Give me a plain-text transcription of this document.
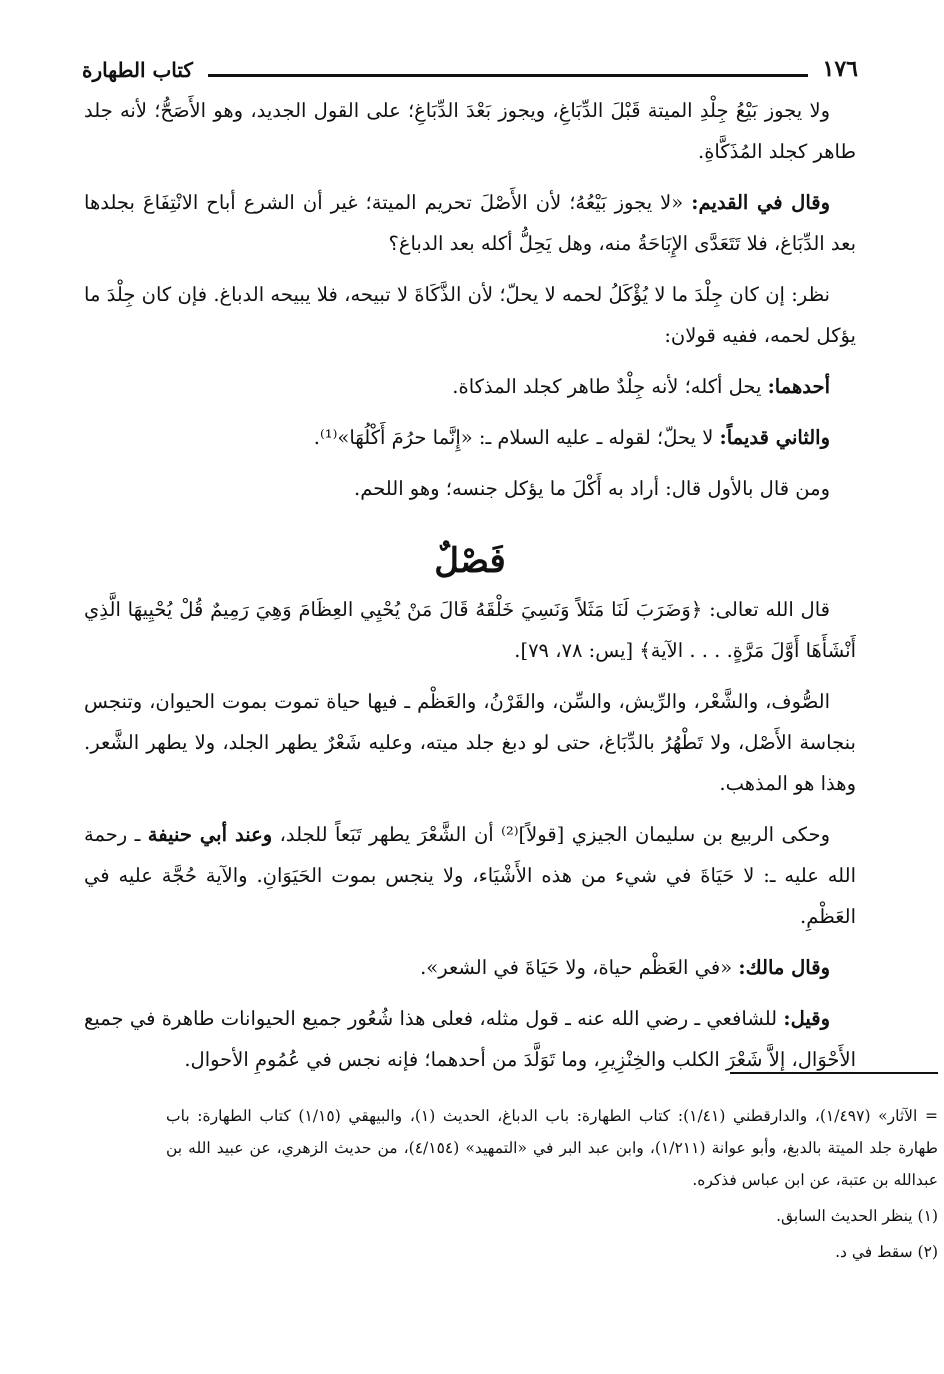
١٧٦
كتاب الطهارة

ولا يجوز بَيْعُ جِلْدِ الميتة قَبْلَ الدِّبَاغِ، ويجوز بَعْدَ الدِّبَاغِ؛ على القول الجديد، وهو الأَصَحُّ؛ لأنه جلد طاهر كجلد المُذَكَّاةِ.

وقال في القديم: «لا يجوز بَيْعُهُ؛ لأن الأَصْلَ تحريم الميتة؛ غير أن الشرع أباح الانْتِفَاعَ بجلدها بعد الدِّبَاغ، فلا تَتَعَدَّى الإِبَاحَةُ منه، وهل يَحِلُّ أكله بعد الدباغ؟

نظر: إن كان جِلْدَ ما لا يُؤْكَلُ لحمه لا يحلّ؛ لأن الذَّكَاةَ لا تبيحه، فلا يبيحه الدباغ. فإن كان جِلْدَ ما يؤكل لحمه، ففيه قولان:

أحدهما: يحل أكله؛ لأنه جِلْدٌ طاهر كجلد المذكاة.

والثاني قديماً: لا يحلّ؛ لقوله ـ عليه السلام ـ: «إِنَّما حرُمَ أَكْلُهَا»⁽¹⁾.

ومن قال بالأول قال: أراد به أَكْلَ ما يؤكل جنسه؛ وهو اللحم.

فَصْلٌ

قال الله تعالى: ﴿وَضَرَبَ لَنَا مَثَلاً وَنَسِيَ خَلْقَهُ قَالَ مَنْ يُحْيِي العِظَامَ وَهِيَ رَمِيمٌ قُلْ يُحْيِيهَا الَّذِي أَنْشَأَهَا أَوَّلَ مَرَّةٍ. . . . الآية﴾ [يس: ٧٨، ٧٩].

الصُّوف، والشَّعْر، والرِّيش، والسِّن، والقَرْنُ، والعَظْم ـ فيها حياة تموت بموت الحيوان، وتنجس بنجاسة الأَصْل، ولا تَطْهُرُ بالدِّبَاغ، حتى لو دبغ جلد ميته، وعليه شَعْرٌ يطهر الجلد، ولا يطهر الشَّعر. وهذا هو المذهب.

وحكى الربيع بن سليمان الجيزي [قولاً]⁽²⁾ أن الشَّعْرَ يطهر تَبَعاً للجلد، وعند أبي حنيفة ـ رحمة الله عليه ـ: لا حَيَاةَ في شيء من هذه الأَشْيَاء، ولا ينجس بموت الحَيَوَانِ. والآية حُجَّة عليه في العَظْمِ.

وقال مالك: «في العَظْم حياة، ولا حَيَاةَ في الشعر».

وقيل: للشافعي ـ رضي الله عنه ـ قول مثله، فعلى هذا شُعُور جميع الحيوانات طاهرة في جميع الأَحْوَال، إلاَّ شَعْرَ الكلب والخِنْزِيرِ، وما تَوَلَّدَ من أحدهما؛ فإنه نجس في عُمُومِ الأحوال.

= الآثار» (١/٤٩٧)، والدارقطني (١/٤١): كتاب الطهارة: باب الدباغ، الحديث (١)، والبيهقي (١/١٥) كتاب الطهارة: باب طهارة جلد الميتة بالدبغ، وأبو عوانة (١/٢١١)، وابن عبد البر في «التمهيد» (٤/١٥٤)، من حديث الزهري، عن عبيد الله بن عبدالله بن عتبة، عن ابن عباس فذكره.

(١) ينظر الحديث السابق.

(٢) سقط في د.
